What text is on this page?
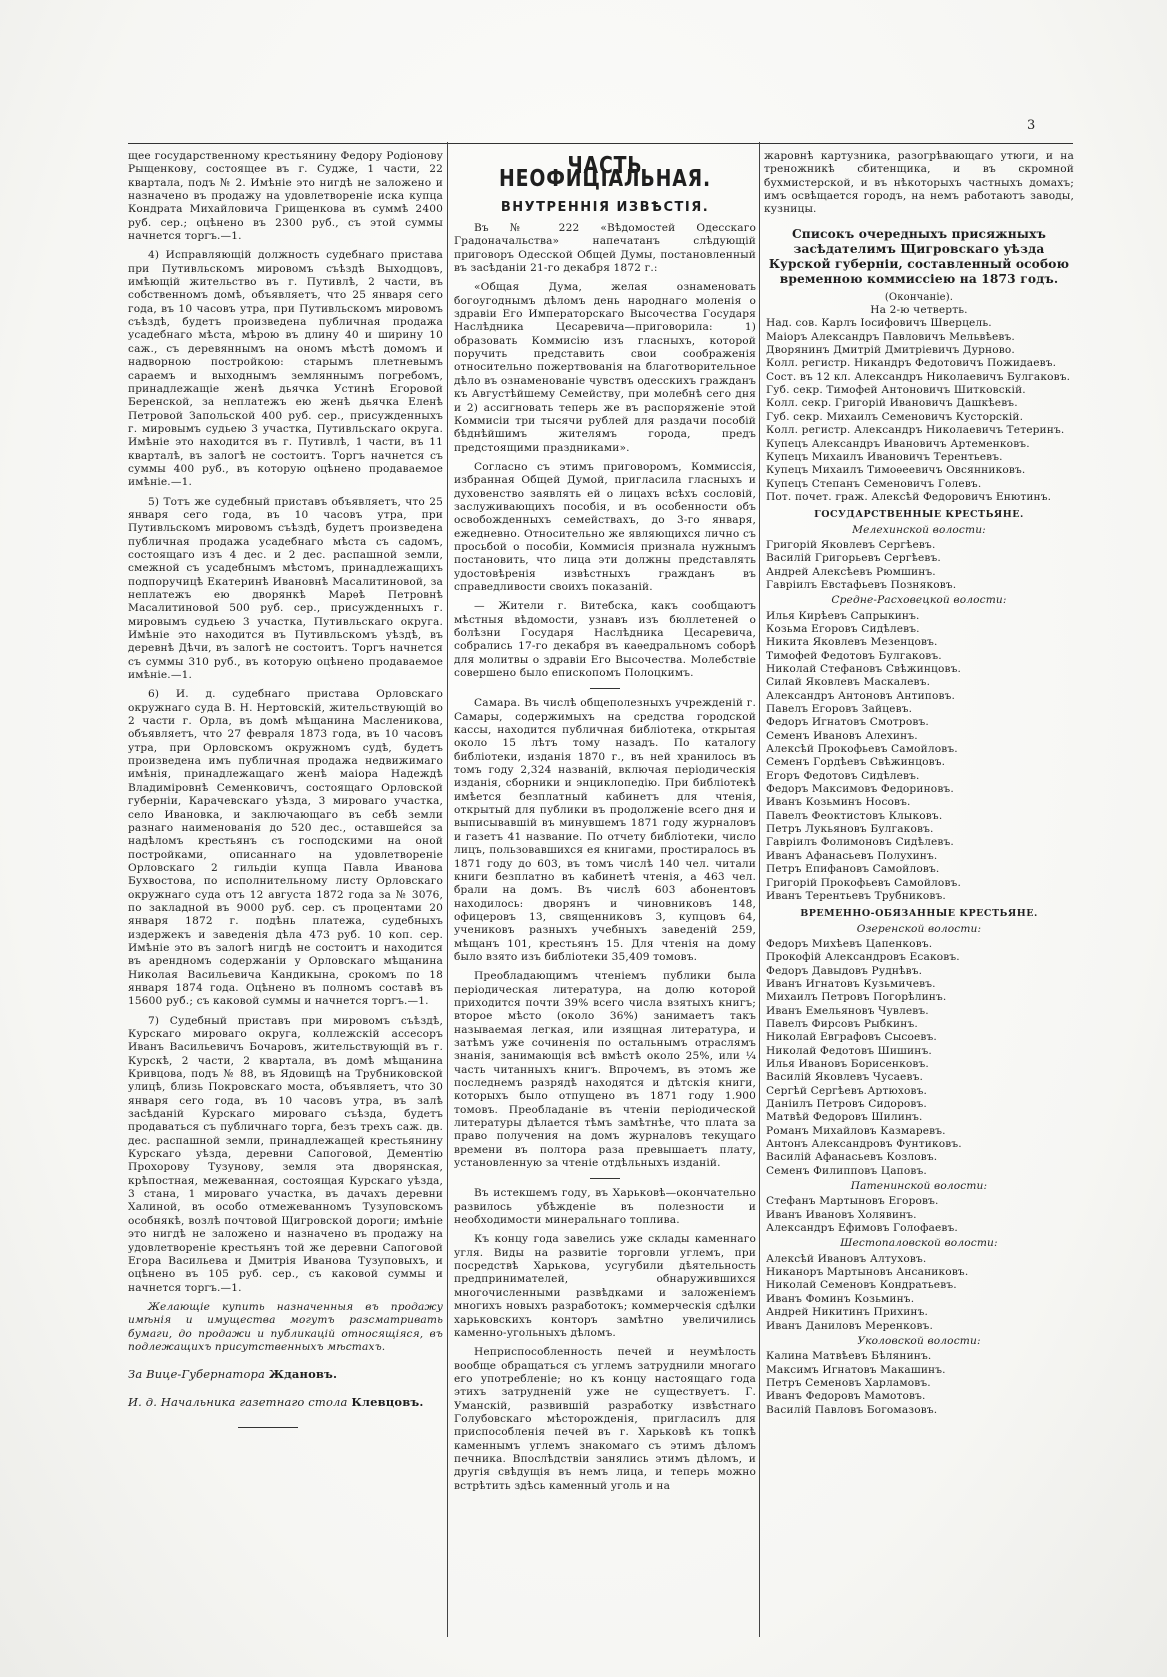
3

щее государственному крестьянину Федору Родіонову Рыщенкову, состоящее въ г. Судже, 1 части, 22 квартала, подъ № 2. Имѣніе это нигдѣ не заложено и назначено въ продажу на удовлетвореніе иска купца Кондрата Михайловича Грищенкова въ суммѣ 2400 руб. сер.; оцѣнено въ 2300 руб., съ этой суммы начнется торгъ.—1.

4) Исправляющій должность судебнаго пристава при Путивльскомъ мировомъ съѣздѣ Выходцовъ, имѣющій жительство въ г. Путивлѣ, 2 части, въ собственномъ домѣ, объявляетъ, что 25 января сего года, въ 10 часовъ утра, при Путивльскомъ мировомъ съѣздѣ, будетъ произведена публичная продажа усадебнаго мѣста, мѣрою въ длину 40 и ширину 10 саж., съ деревяннымъ на ономъ мѣстѣ домомъ и надворною постройкою: старымъ плетневымъ сараемъ и выходнымъ земляннымъ погребомъ, принадлежащіе женѣ дьячка Устинѣ Егоровой Беренской, за неплатежъ ею женѣ дьячка Еленѣ Петровой Запольской 400 руб. сер., присужденныхъ г. мировымъ судьею 3 участка, Путивльскаго округа. Имѣніе это находится въ г. Путивлѣ, 1 части, въ 11 кварталѣ, въ залогѣ не состоитъ. Торгъ начнется съ суммы 400 руб., въ которую оцѣнено продаваемое имѣніе.—1.

5) Тотъ же судебный приставъ объявляетъ, что 25 января сего года, въ 10 часовъ утра, при Путивльскомъ мировомъ съѣздѣ, будетъ произведена публичная продажа усадебнаго мѣста съ садомъ, состоящаго изъ 4 дес. и 2 дес. распашной земли, смежной съ усадебнымъ мѣстомъ, принадлежащихъ подпоручицѣ Екатеринѣ Ивановнѣ Масалитиновой, за неплатежъ ею дворянкѣ Марѳѣ Петровнѣ Масалитиновой 500 руб. сер., присужденныхъ г. мировымъ судьею 3 участка, Путивльскаго округа. Имѣніе это находится въ Путивльскомъ уѣздѣ, въ деревнѣ Дѣчи, въ залогѣ не состоитъ. Торгъ начнется съ суммы 310 руб., въ которую оцѣнено продаваемое имѣніе.—1.

6) И. д. судебнаго пристава Орловскаго окружнаго суда В. Н. Нертовскій, жительствующій во 2 части г. Орла, въ домѣ мѣщанина Масленикова, объявляетъ, что 27 февраля 1873 года, въ 10 часовъ утра, при Орловскомъ окружномъ судѣ, будетъ произведена имъ публичная продажа недвижимаго имѣнія, принадлежащаго женѣ маіора Надеждѣ Владиміровнѣ Семенковичъ, состоящаго Орловской губерніи, Карачевскаго уѣзда, 3 мироваго участка, село Ивановка, и заключающаго въ себѣ земли разнаго наименованія до 520 дес., оставшейся за надѣломъ крестьянъ съ господскими на оной постройками, описаннаго на удовлетвореніе Орловскаго 2 гильдіи купца Павла Иванова Бухвостова, по исполнительному листу Орловскаго окружнаго суда отъ 12 августа 1872 года за № 3076, по закладной въ 9000 руб. сер. съ процентами 20 января 1872 г. подѣнь платежа, судебныхъ издержекъ и заведенія дѣла 473 руб. 10 коп. сер. Имѣніе это въ залогѣ нигдѣ не состоитъ и находится въ арендномъ содержаніи у Орловскаго мѣщанина Николая Васильевича Кандикына, срокомъ по 18 января 1874 года. Оцѣнено въ полномъ составѣ въ 15600 руб.; съ каковой суммы и начнется торгъ.—1.

7) Судебный приставъ при мировомъ съѣздѣ, Курскаго мироваго округа, коллежскій ассесоръ Иванъ Васильевичъ Бочаровъ, жительствующій въ г. Курскѣ, 2 части, 2 квартала, въ домѣ мѣщанина Кривцова, подъ № 88, въ Ядовищѣ на Трубниковской улицѣ, близь Покровскаго моста, объявляетъ, что 30 января сего года, въ 10 часовъ утра, въ залѣ засѣданій Курскаго мироваго съѣзда, будетъ продаваться съ публичнаго торга, безъ трехъ саж. дв. дес. распашной земли, принадлежащей крестьянину Курскаго уѣзда, деревни Сапоговой, Дементію Прохорову Тузунову, земля эта дворянская, крѣпостная, межеванная, состоящая Курскаго уѣзда, 3 стана, 1 мироваго участка, въ дачахъ деревни Халиной, въ особо отмежеванномъ Тузуповскомъ особнякѣ, возлѣ почтовой Щигровской дороги; имѣніе это нигдѣ не заложено и назначено въ продажу на удовлетвореніе крестьянъ той же деревни Сапоговой Егора Васильева и Дмитрія Иванова Тузуповыхъ, и оцѣнено въ 105 руб. сер., съ каковой суммы и начнется торгъ.—1.

Желающіе купить назначенныя въ продажу имѣнія и имущества могутъ разсматривать бумаги, до продажи и публикацій относящіяся, въ подлежащихъ присутственныхъ мѣстахъ.

За Вице-Губернатора Ждановъ.

И. д. Начальника газетнаго стола Клевцовъ.

ЧАСТЬ НЕОФИЦІАЛЬНАЯ.
ВНУТРЕННІЯ ИЗВѢСТІЯ.

Въ № 222 «Вѣдомостей Одесскаго Градоначальства» напечатанъ слѣдующій приговоръ Одесской Общей Думы, постановленный въ засѣданіи 21-го декабря 1872 г.:

«Общая Дума, желая ознаменовать богоугоднымъ дѣломъ день народнаго моленія о здравіи Его Императорскаго Высочества Государя Наслѣдника Цесаревича—приговорила: 1) образовать Коммисію изъ гласныхъ, которой поручить представить свои соображенія относительно пожертвованія на благотворительное дѣло въ ознаменованіе чувствъ одесскихъ гражданъ къ Августѣйшему Семейству, при молебнѣ сего дня и 2) ассигновать теперь же въ распоряженіе этой Коммисіи три тысячи рублей для раздачи пособій бѣднѣйшимъ жителямъ города, предъ предстоящими праздниками».

Согласно съ этимъ приговоромъ, Коммиссія, избранная Общей Думой, пригласила гласныхъ и духовенство заявлять ей о лицахъ всѣхъ сословій, заслуживающихъ пособія, и въ особенности объ освобожденныхъ семействахъ, до 3-го января, ежедневно. Относительно же являющихся лично съ просьбой о пособіи, Коммисія признала нужнымъ постановить, что лица эти должны представлять удостовѣренія извѣстныхъ гражданъ въ справедливости своихъ показаній.

— Жители г. Витебска, какъ сообщаютъ мѣстныя вѣдомости, узнавъ изъ бюллетеней о болѣзни Государя Наслѣдника Цесаревича, собрались 17-го декабря въ каѳедральномъ соборѣ для молитвы о здравіи Его Высочества. Молебствіе совершено было епископомъ Полоцкимъ.

Самара. Въ числѣ общеполезныхъ учрежденій г. Самары, содержимыхъ на средства городской кассы, находится публичная библіотека, открытая около 15 лѣтъ тому назадъ. По каталогу библіотеки, изданія 1870 г., въ ней хранилось въ томъ году 2,324 названій, включая періодическія изданія, сборники и энциклопедію. При библіотекѣ имѣется безплатный кабинетъ для чтенія, открытый для публики въ продолженіе всего дня и выписывавшій въ минувшемъ 1871 году журналовъ и газетъ 41 название. По отчету библіотеки, число лицъ, пользовавшихся ея книгами, простиралось въ 1871 году до 603, въ томъ числѣ 140 чел. читали книги безплатно въ кабинетѣ чтенія, а 463 чел. брали на домъ. Въ числѣ 603 абонентовъ находилось: дворянъ и чиновниковъ 148, офицеровъ 13, священниковъ 3, купцовъ 64, учениковъ разныхъ учебныхъ заведеній 259, мѣщанъ 101, крестьянъ 15. Для чтенія на дому было взято изъ библіотеки 35,409 томовъ.

Преобладающимъ чтеніемъ публики была періодическая литература, на долю которой приходится почти 39% всего числа взятыхъ книгъ; второе мѣсто (около 36%) занимаетъ такъ называемая легкая, или изящная литература, и затѣмъ уже сочиненія по остальнымъ отраслямъ знанія, занимающія всѣ вмѣстѣ около 25%, или ¼ часть читанныхъ книгъ. Впрочемъ, въ этомъ же последнемъ разрядѣ находятся и дѣтскія книги, которыхъ было отпущено въ 1871 году 1.900 томовъ. Преобладаніе въ чтеніи періодической литературы дѣлается тѣмъ замѣтнѣе, что плата за право получения на домъ журналовъ текущаго времени въ полтора раза превышаетъ плату, установленную за чтеніе отдѣльныхъ изданій.

Въ истекшемъ году, въ Харьковѣ—окончательно развилось убѣжденіе въ полезности и необходимости минеральнаго топлива.

Къ концу года завелись уже склады каменнаго угля. Виды на развитіе торговли углемъ, при посредствѣ Харькова, усугубили дѣятельность предпринимателей, обнаружившихся многочисленными развѣдками и заложеніемъ многихъ новыхъ разработокъ; коммерческія сдѣлки харьковскихъ конторъ замѣтно увеличились каменно-угольныхъ дѣломъ.

Неприспособленность печей и неумѣлость вообще обращаться съ углемъ затруднили многаго его употребленіе; но къ концу настоящаго года этихъ затрудненій уже не существуетъ. Г. Уманскій, развившій разработку извѣстнаго Голубовскаго мѣсторожденія, пригласилъ для приспособленія печей въ г. Харьковѣ къ топкѣ каменнымъ углемъ знакомаго съ этимъ дѣломъ печника. Впослѣдствіи занялись этимъ дѣломъ, и другія свѣдущія въ немъ лица, и теперь можно встрѣтить здѣсь каменный уголь и на

жаровнѣ картузника, разогрѣвающаго утюги, и на треножникѣ сбитенщика, и въ скромной бухмистерской, и въ нѣкоторыхъ частныхъ домахъ; имъ освѣщается городъ, на немъ работаютъ заводы, кузницы.

Списокъ очередныхъ присяжныхъ засѣдателимъ Щигровскаго уѣзда Курской губерніи, составленный особою временною коммиссіею на 1873 годъ.
(Окончаніе).
На 2-ю четверть.

Над. сов. Карлъ Іосифовичъ Шверцель.

Маіоръ Александръ Павловичъ Мельвѣевъ.

Дворянинъ Дмитрій Дмитріевичъ Дурново.

Колл. регистр. Никандръ Федотовичъ Пожидаевъ.

Сост. въ 12 кл. Александръ Николаевичъ Булгаковъ.

Губ. секр. Тимофей Антоновичъ Шитковскій.

Колл. секр. Григорій Ивановичъ Дашкѣевъ.

Губ. секр. Михаилъ Семеновичъ Кусторскій.

Колл. регистр. Александръ Николаевичъ Тетеринъ.

Купецъ Александръ Ивановичъ Артеменковъ.

Купецъ Михаилъ Ивановичъ Терентьевъ.

Купецъ Михаилъ Тимоѳеевичъ Овсянниковъ.

Купецъ Степанъ Семеновичъ Голевъ.

Пот. почет. граж. Алексѣй Федоровичъ Енютинъ.

ГОСУДАРСТВЕННЫЕ КРЕСТЬЯНЕ.
Мелехинской волости:

Григорій Яковлевъ Сергѣевъ.

Василій Григорьевъ Сергѣевъ.

Андрей Алексѣевъ Рюмшинъ.

Гавріилъ Евстафьевъ Позняковъ.

Средне-Расховецкой волости:

Илья Кирѣевъ Сапрыкинъ.

Козьма Егоровъ Сидѣлевъ.

Никита Яковлевъ Мезенцовъ.

Тимофей Федотовъ Булгаковъ.

Николай Стефановъ Свѣжинцовъ.

Силай Яковлевъ Маскалевъ.

Александръ Антоновъ Антиповъ.

Павелъ Егоровъ Зайцевъ.

Федоръ Игнатовъ Смотровъ.

Семенъ Ивановъ Алехинъ.

Алексѣй Прокофьевъ Самойловъ.

Семенъ Гордѣевъ Свѣжинцовъ.

Егоръ Федотовъ Сидѣлевъ.

Федоръ Максимовъ Федориновъ.

Иванъ Козьминъ Носовъ.

Павелъ Феоктистовъ Клыковъ.

Петръ Лукьяновъ Булгаковъ.

Гавріилъ Фолимоновъ Сидѣлевъ.

Иванъ Афанасьевъ Полухинъ.

Петръ Епифановъ Самойловъ.

Григорій Прокофьевъ Самойловъ.

Иванъ Терентьевъ Трубниковъ.

ВРЕМЕННО-ОБЯЗАННЫЕ КРЕСТЬЯНЕ.
Озеренской волости:

Федоръ Михѣевъ Цапенковъ.

Прокофій Александровъ Есаковъ.

Федоръ Давыдовъ Руднѣвъ.

Иванъ Игнатовъ Кузьмичевъ.

Михаилъ Петровъ Погорѣлинъ.

Иванъ Емельяновъ Чувлевъ.

Павелъ Фирсовъ Рыбкинъ.

Николай Евграфовъ Сысоевъ.

Николай Федотовъ Шишинъ.

Илья Ивановъ Борисенковъ.

Василій Яковлевъ Чусаевъ.

Сергѣй Сергѣевъ Артюховъ.

Даніилъ Петровъ Сидоровъ.

Матвѣй Федоровъ Шилинъ.

Романъ Михайловъ Казмаревъ.

Антонъ Александровъ Фунтиковъ.

Василій Афанасьевъ Козловъ.

Семенъ Филипповъ Цаповъ.

Патенинской волости:

Стефанъ Мартыновъ Егоровъ.

Иванъ Ивановъ Холявинъ.

Александръ Ефимовъ Голофаевъ.

Шестопаловской волости:

Алексѣй Ивановъ Алтуховъ.

Никаноръ Мартыновъ Ансаниковъ.

Николай Семеновъ Кондратьевъ.

Иванъ Фоминъ Козьминъ.

Андрей Никитинъ Прихинъ.

Иванъ Даниловъ Меренковъ.

Уколовской волости:

Калина Матвѣевъ Бѣлянинъ.

Максимъ Игнатовъ Макашинъ.

Петръ Семеновъ Харламовъ.

Иванъ Федоровъ Мамотовъ.

Василій Павловъ Богомазовъ.
